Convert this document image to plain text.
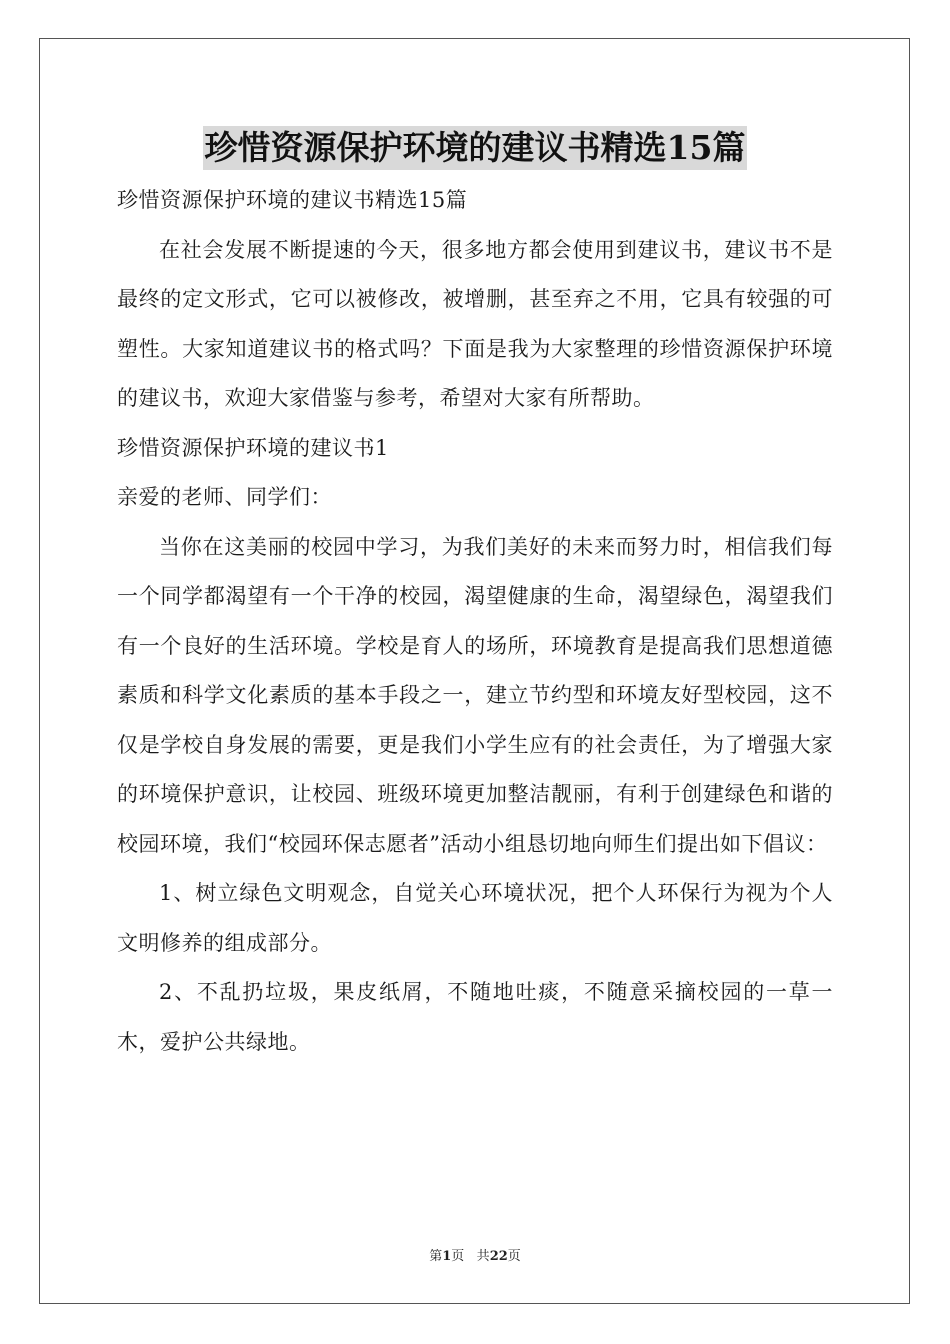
珍惜资源保护环境的建议书精选15篇

珍惜资源保护环境的建议书精选15篇

在社会发展不断提速的今天，很多地方都会使用到建议书，建议书不是最终的定文形式，它可以被修改，被增删，甚至弃之不用，它具有较强的可塑性。大家知道建议书的格式吗？下面是我为大家整理的珍惜资源保护环境的建议书，欢迎大家借鉴与参考，希望对大家有所帮助。

珍惜资源保护环境的建议书1

亲爱的老师、同学们：

当你在这美丽的校园中学习，为我们美好的未来而努力时，相信我们每一个同学都渴望有一个干净的校园，渴望健康的生命，渴望绿色，渴望我们有一个良好的生活环境。学校是育人的场所，环境教育是提高我们思想道德素质和科学文化素质的基本手段之一，建立节约型和环境友好型校园，这不仅是学校自身发展的需要，更是我们小学生应有的社会责任，为了增强大家的环境保护意识，让校园、班级环境更加整洁靓丽，有利于创建绿色和谐的校园环境，我们“校园环保志愿者”活动小组恳切地向师生们提出如下倡议：

1、树立绿色文明观念，自觉关心环境状况，把个人环保行为视为个人文明修养的组成部分。

2、不乱扔垃圾，果皮纸屑，不随地吐痰，不随意采摘校园的一草一木，爱护公共绿地。

第1页 共22页
